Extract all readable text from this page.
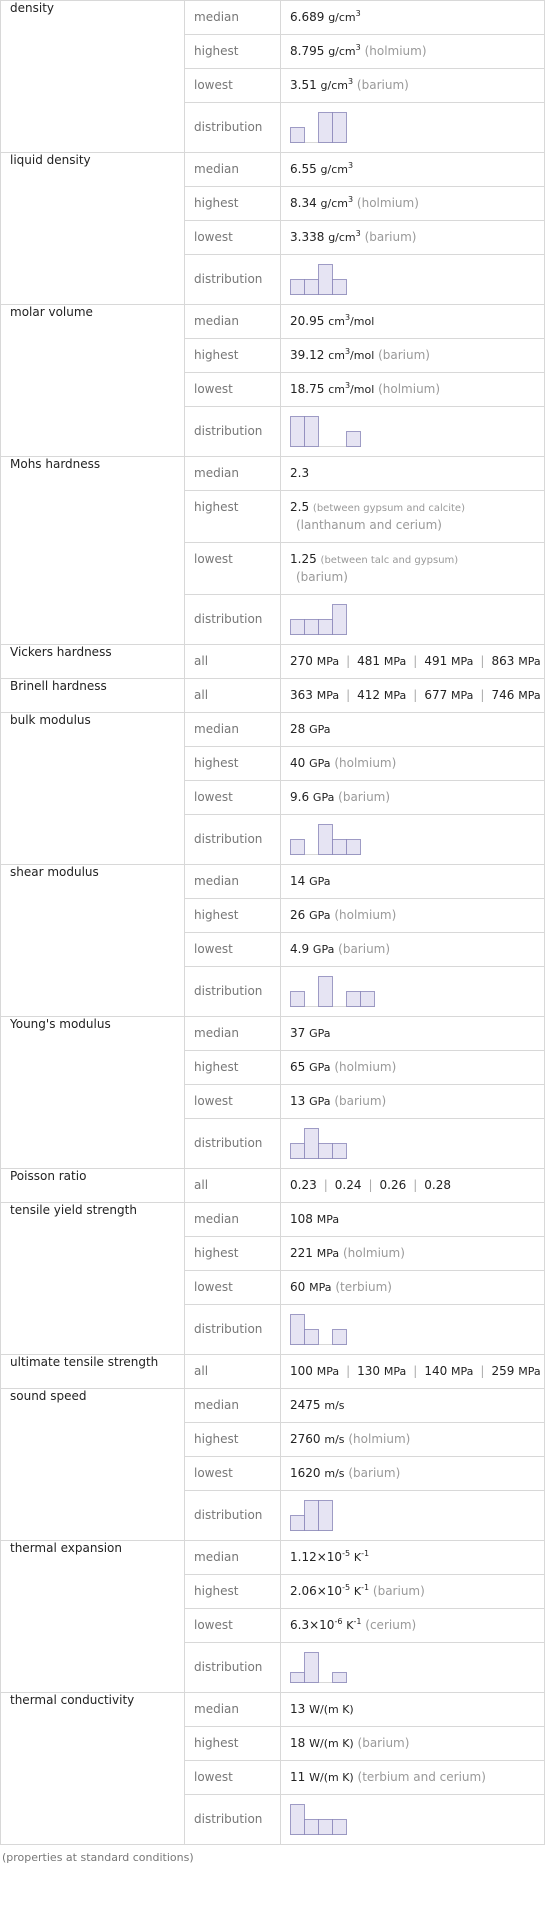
density	median	6.689 $g/cm^3$

	highest	8.795 $g/cm^3$ (holmium)

	lowest	3.51 $g/cm^3$ (barium)

	distribution

liquid density	median	6.55 $g/cm^3$

	highest	8.34 $g/cm^3$ (holmium)

	lowest	3.338 $g/cm^3$ (barium)

	distribution

molar volume	median	20.95 $cm^3$/mol

	highest	39.12 $cm^3$/mol (barium)

	lowest	18.75 $cm^3$/mol (holmium)

	distribution

Mohs hardness	median	2.3

	highest	2.5 (between gypsum and calcite)
(lanthanum and cerium)

	lowest	1.25 (between talc and gypsum)
(barium)

	distribution

Vickers hardness	all	270 MPa | 481 MPa | 491 MPa | 863 MPa

Brinell hardness	all	363 MPa | 412 MPa | 677 MPa | 746 MPa

bulk modulus	median	28 GPa

	highest	40 GPa (holmium)

	lowest	9.6 GPa (barium)

	distribution

shear modulus	median	14 GPa

	highest	26 GPa (holmium)

	lowest	4.9 GPa (barium)

	distribution

Young's modulus	median	37 GPa

	highest	65 GPa (holmium)

	lowest	13 GPa (barium)

	distribution

Poisson ratio	all	0.23 | 0.24 | 0.26 | 0.28

tensile yield strength	median	108 MPa

	highest	221 MPa (holmium)

	lowest	60 MPa (terbium)

	distribution

ultimate tensile strength	all	100 MPa | 130 MPa | 140 MPa | 259 MPa

sound speed	median	2475 m/s

	highest	2760 m/s (holmium)

	lowest	1620 m/s (barium)

	distribution

thermal expansion	median	$1.12\times 10^{-5}$ $K^{-1}$

	highest	$2.06\times 10^{-5}$ $K^{-1}$ (barium)

	lowest	$6.3\times 10^{-6}$ $K^{-1}$ (cerium)

	distribution

thermal conductivity	median	13 W/(m K)

	highest	18 W/(m K) (barium)

	lowest	11 W/(m K) (terbium and cerium)

	distribution

(properties at standard conditions)
